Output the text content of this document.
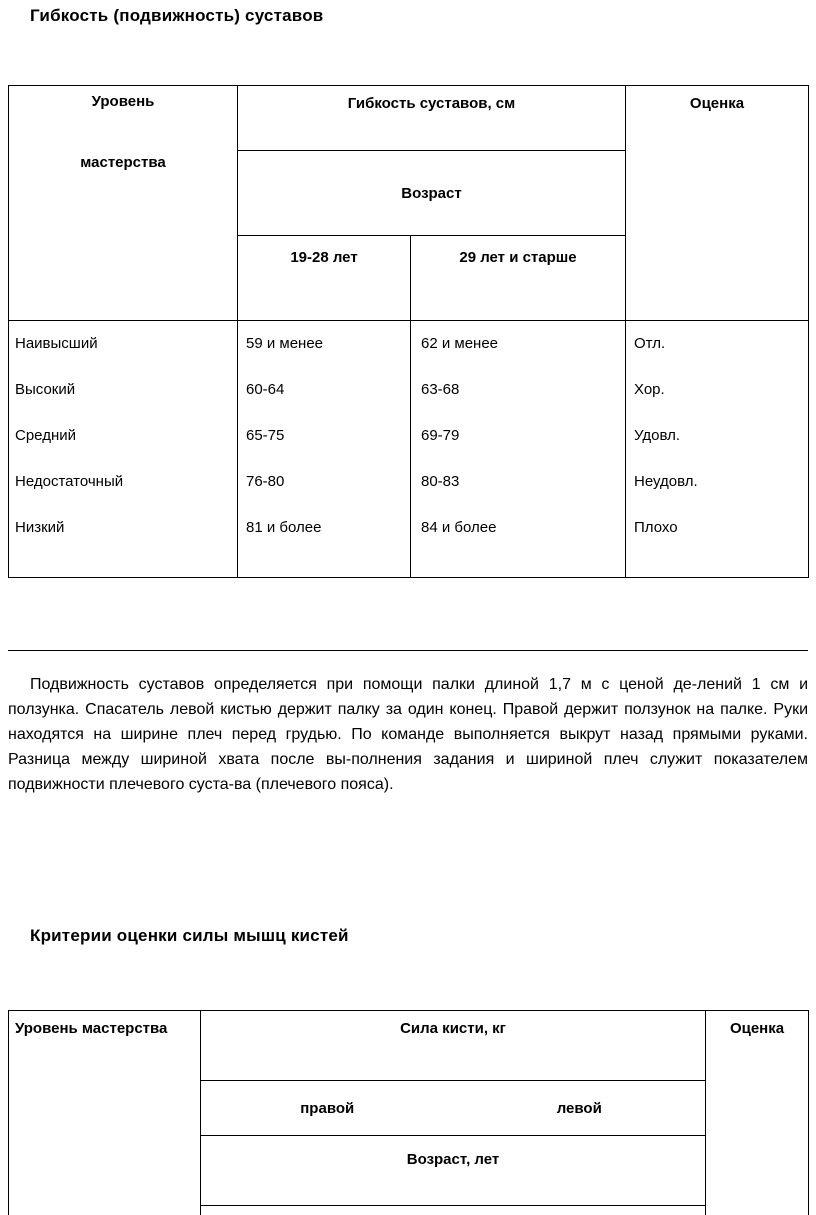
Гибкость (подвижность) суставов
Уровень
мастерства	Гибкость суставов, см		Оценка
	Возраст		
	19-28 лет	29 лет и старше	
Наивысший	59 и менее	62 и менее	Отл.
Высокий	60-64	63-68	Хор.
Средний	65-75	69-79	Удовл.
Недостаточный	76-80	80-83	Неудовл.
Низкий	81 и более	84 и более	Плохо

Подвижность суставов определяется при помощи палки длиной 1,7 м с ценой де-лений 1 см и ползунка. Спасатель левой кистью держит палку за один конец. Правой держит ползунок на палке. Руки находятся на ширине плеч перед грудью. По команде выполняется выкрут назад прямыми руками. Разница между шириной хвата после вы-полнения задания и шириной плеч служит показателем подвижности плечевого суста-ва (плечевого пояса).
Критерии оценки силы мышц кистей
Уровень мастерства	Сила кисти, кг		Оценка
	правой	левой	
	Возраст, лет		
